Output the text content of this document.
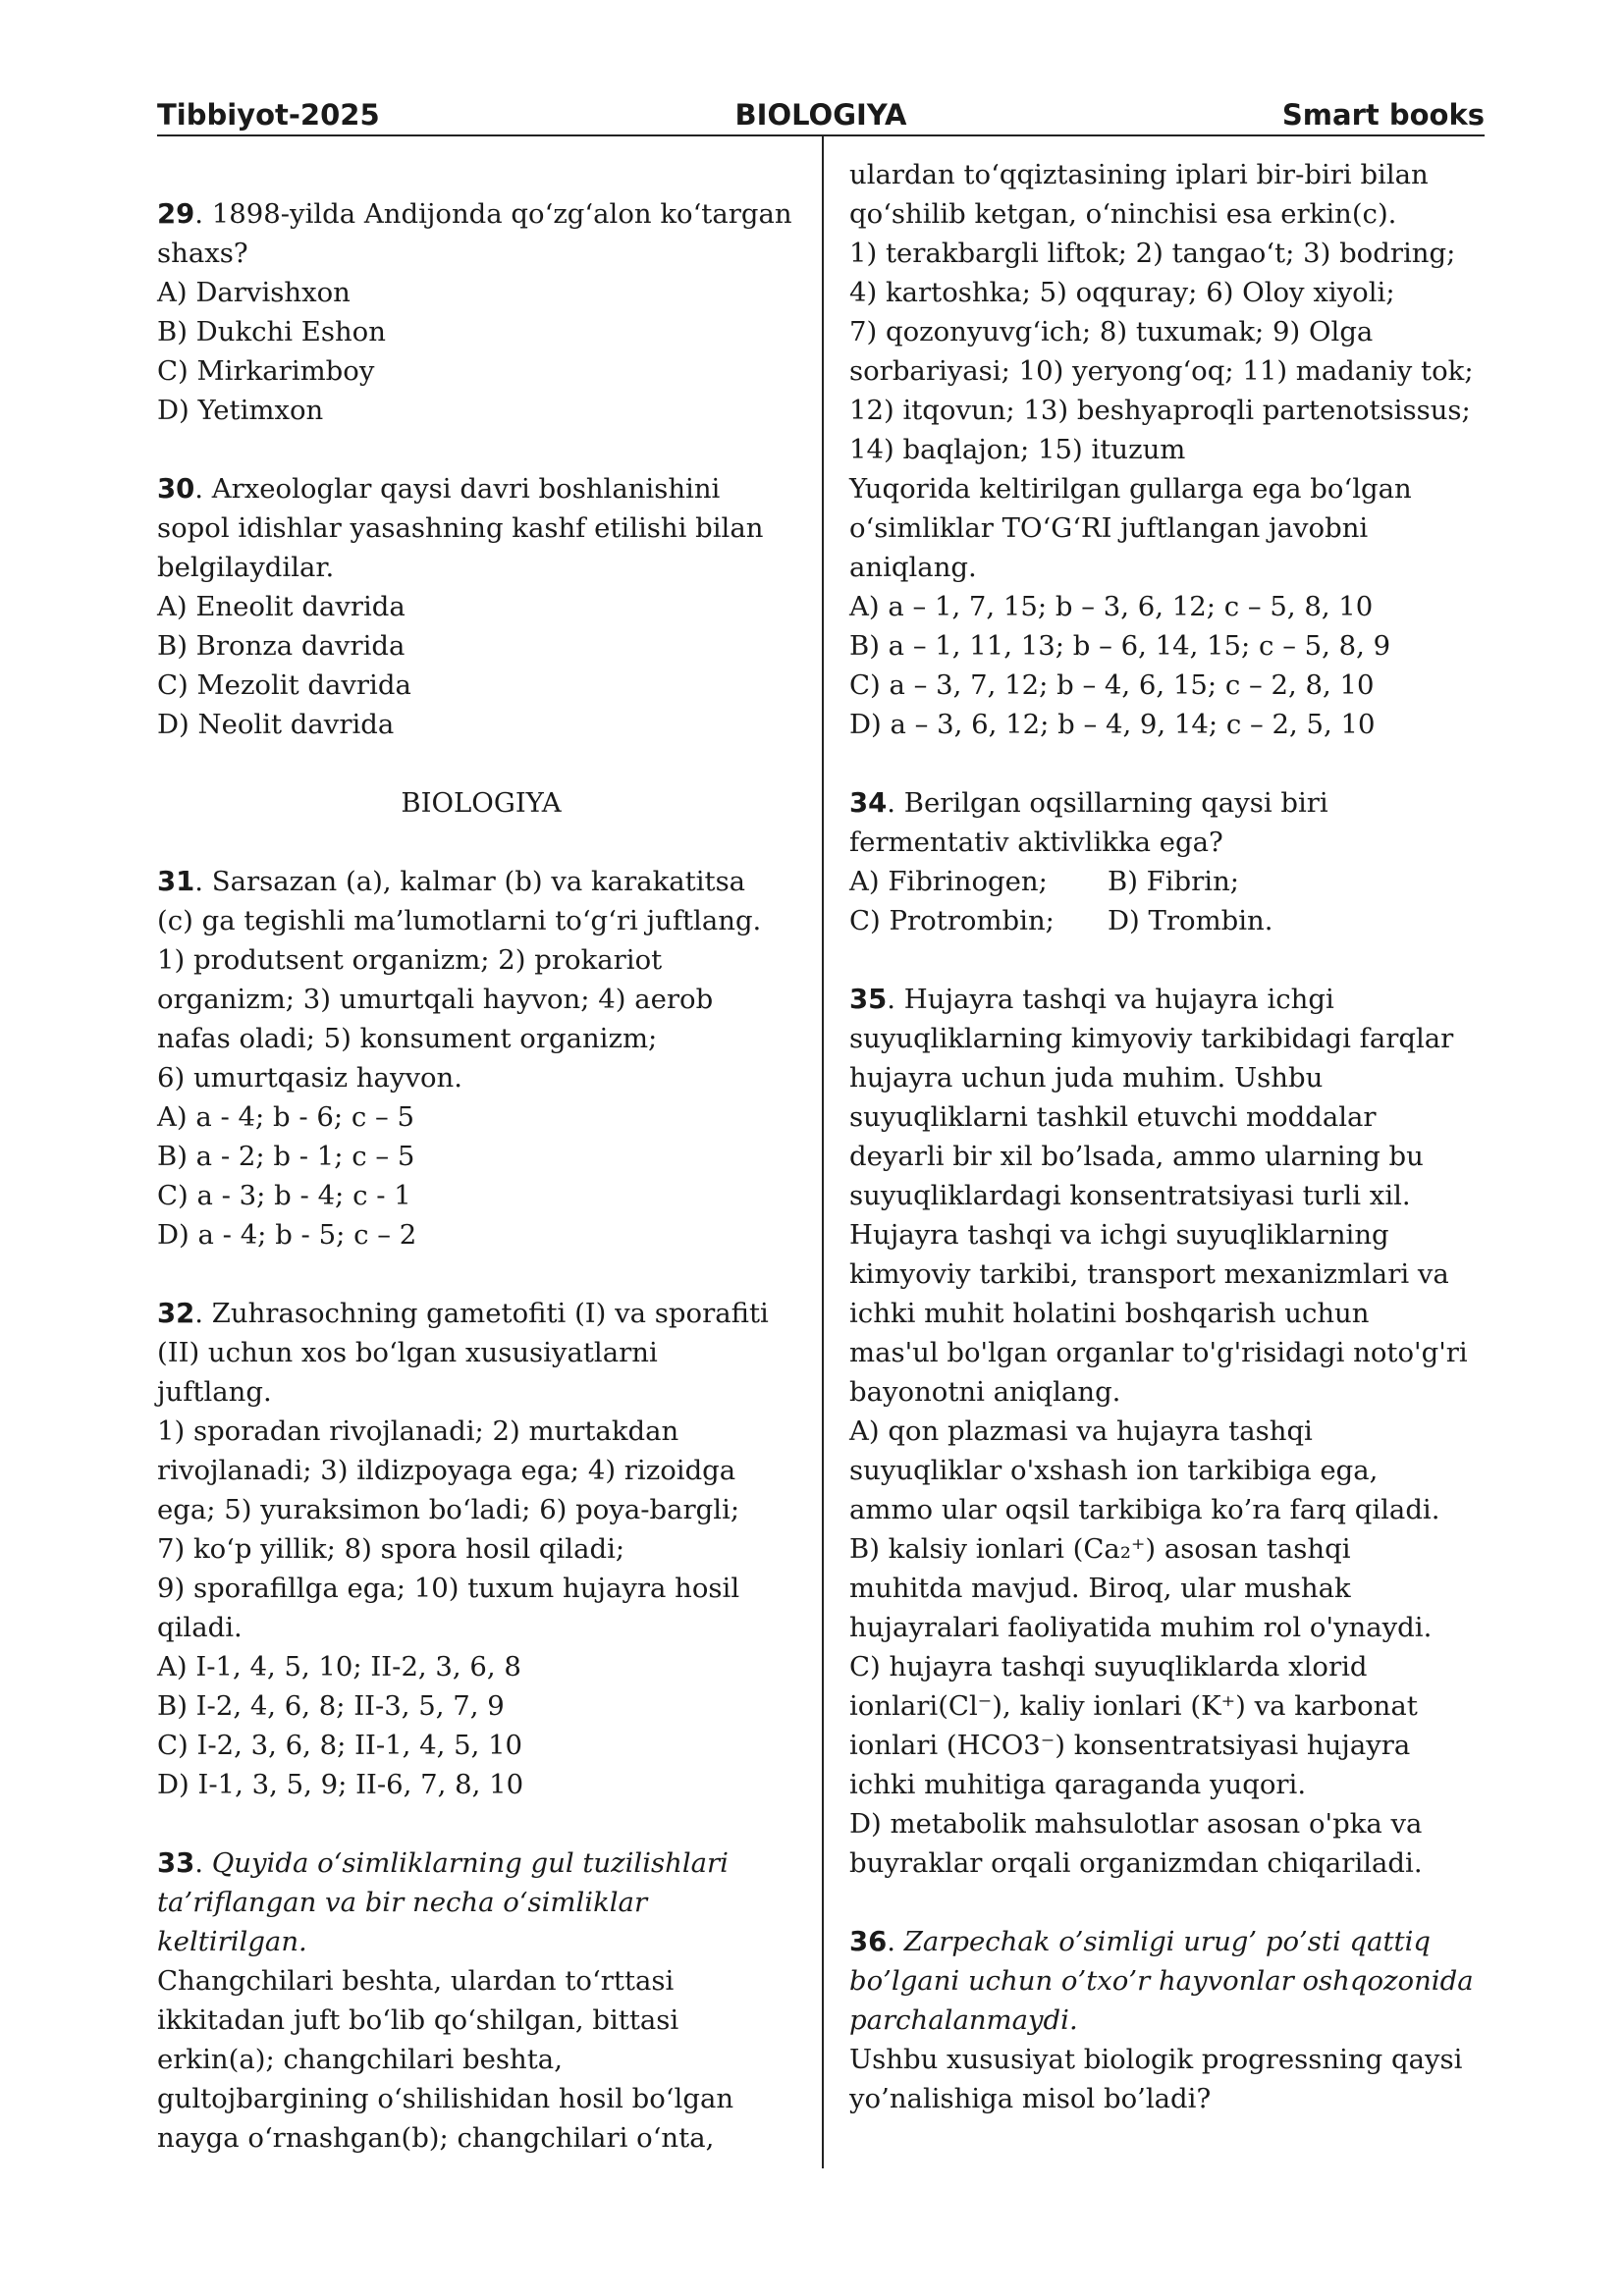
Tibbiyot-2025	BIOLOGIYA	Smart books
29. 1898-yilda Andijonda qo‘zg‘alon ko‘targan
shaxs?
A) Darvishxon
B) Dukchi Eshon
C) Mirkarimboy
D) Yetimxon
30. Arxeologlar qaysi davri boshlanishini
sopol idishlar yasashning kashf etilishi bilan
belgilaydilar.
A) Eneolit davrida
B) Bronza davrida
C) Mezolit davrida
D) Neolit davrida
BIOLOGIYA
31. Sarsazan (a), kalmar (b) va karakatitsa
(c) ga tegishli ma’lumotlarni to‘g‘ri juftlang.
1) produtsent organizm; 2) prokariot
organizm; 3) umurtqali hayvon; 4) aerob
nafas oladi; 5) konsument organizm;
6) umurtqasiz hayvon.
A) a - 4; b - 6; c – 5
B) a - 2; b - 1; c – 5
C) a - 3; b - 4; c - 1
D) a - 4; b - 5; c – 2
32. Zuhrasochning gametofiti (I) va sporafiti
(II) uchun xos bo‘lgan xususiyatlarni
juftlang.
1) sporadan rivojlanadi; 2) murtakdan
rivojlanadi; 3) ildizpoyaga ega; 4) rizoidga
ega; 5) yuraksimon bo‘ladi; 6) poya-bargli;
7) ko‘p yillik; 8) spora hosil qiladi;
9) sporafillga ega; 10) tuxum hujayra hosil
qiladi.
A) I-1, 4, 5, 10; II-2, 3, 6, 8
B) I-2, 4, 6, 8; II-3, 5, 7, 9
C) I-2, 3, 6, 8; II-1, 4, 5, 10
D) I-1, 3, 5, 9; II-6, 7, 8, 10
33. Quyida o‘simliklarning gul tuzilishlari
ta’riflangan va bir necha o‘simliklar
keltirilgan.
Changchilari beshta, ulardan to‘rttasi
ikkitadan juft bo‘lib qo‘shilgan, bittasi
erkin(a); changchilari beshta,
gultojbargining o‘shilishidan hosil bo‘lgan
nayga o‘rnashgan(b); changchilari o‘nta,
ulardan to‘qqiztasining iplari bir-biri bilan
qo‘shilib ketgan, o‘ninchisi esa erkin(c).
1) terakbargli liftok; 2) tangao‘t; 3) bodring;
4) kartoshka; 5) oqquray; 6) Oloy xiyoli;
7) qozonyuvg‘ich; 8) tuxumak; 9) Olga
sorbariyasi; 10) yeryong‘oq; 11) madaniy tok;
12) itqovun; 13) beshyaproqli partenotsissus;
14) baqlajon; 15) ituzum
Yuqorida keltirilgan gullarga ega bo‘lgan
o‘simliklar TO‘G‘RI juftlangan javobni
aniqlang.
A) a – 1, 7, 15; b – 3, 6, 12; c – 5, 8, 10
B) a – 1, 11, 13; b – 6, 14, 15; c – 5, 8, 9
C) a – 3, 7, 12; b – 4, 6, 15; c – 2, 8, 10
D) a – 3, 6, 12; b – 4, 9, 14; c – 2, 5, 10
34. Berilgan oqsillarning qaysi biri
fermentativ aktivlikka ega?
A) Fibrinogen;	B) Fibrin;
C) Protrombin;	D) Trombin.
35. Hujayra tashqi va hujayra ichgi
suyuqliklarning kimyoviy tarkibidagi farqlar
hujayra uchun juda muhim. Ushbu
suyuqliklarni tashkil etuvchi moddalar
deyarli bir xil bo’lsada, ammo ularning bu
suyuqliklardagi konsentratsiyasi turli xil.
Hujayra tashqi va ichgi suyuqliklarning
kimyoviy tarkibi, transport mexanizmlari va
ichki muhit holatini boshqarish uchun
mas'ul bo'lgan organlar to'g'risidagi noto'g'ri
bayonotni aniqlang.
A) qon plazmasi va hujayra tashqi
suyuqliklar o'xshash ion tarkibiga ega,
ammo ular oqsil tarkibiga ko’ra farq qiladi.
B) kalsiy ionlari (Ca₂⁺) asosan tashqi
muhitda mavjud. Biroq, ular mushak
hujayralari faoliyatida muhim rol o'ynaydi.
C) hujayra tashqi suyuqliklarda xlorid
ionlari(Cl⁻), kaliy ionlari (K⁺) va karbonat
ionlari (HCO3⁻) konsentratsiyasi hujayra
ichki muhitiga qaraganda yuqori.
D) metabolik mahsulotlar asosan o'pka va
buyraklar orqali organizmdan chiqariladi.
36. Zarpechak o’simligi urug’ po’sti qattiq
bo’lgani uchun o’txo’r hayvonlar oshqozonida
parchalanmaydi.
Ushbu xususiyat biologik progressning qaysi
yo’nalishiga misol bo’ladi?
